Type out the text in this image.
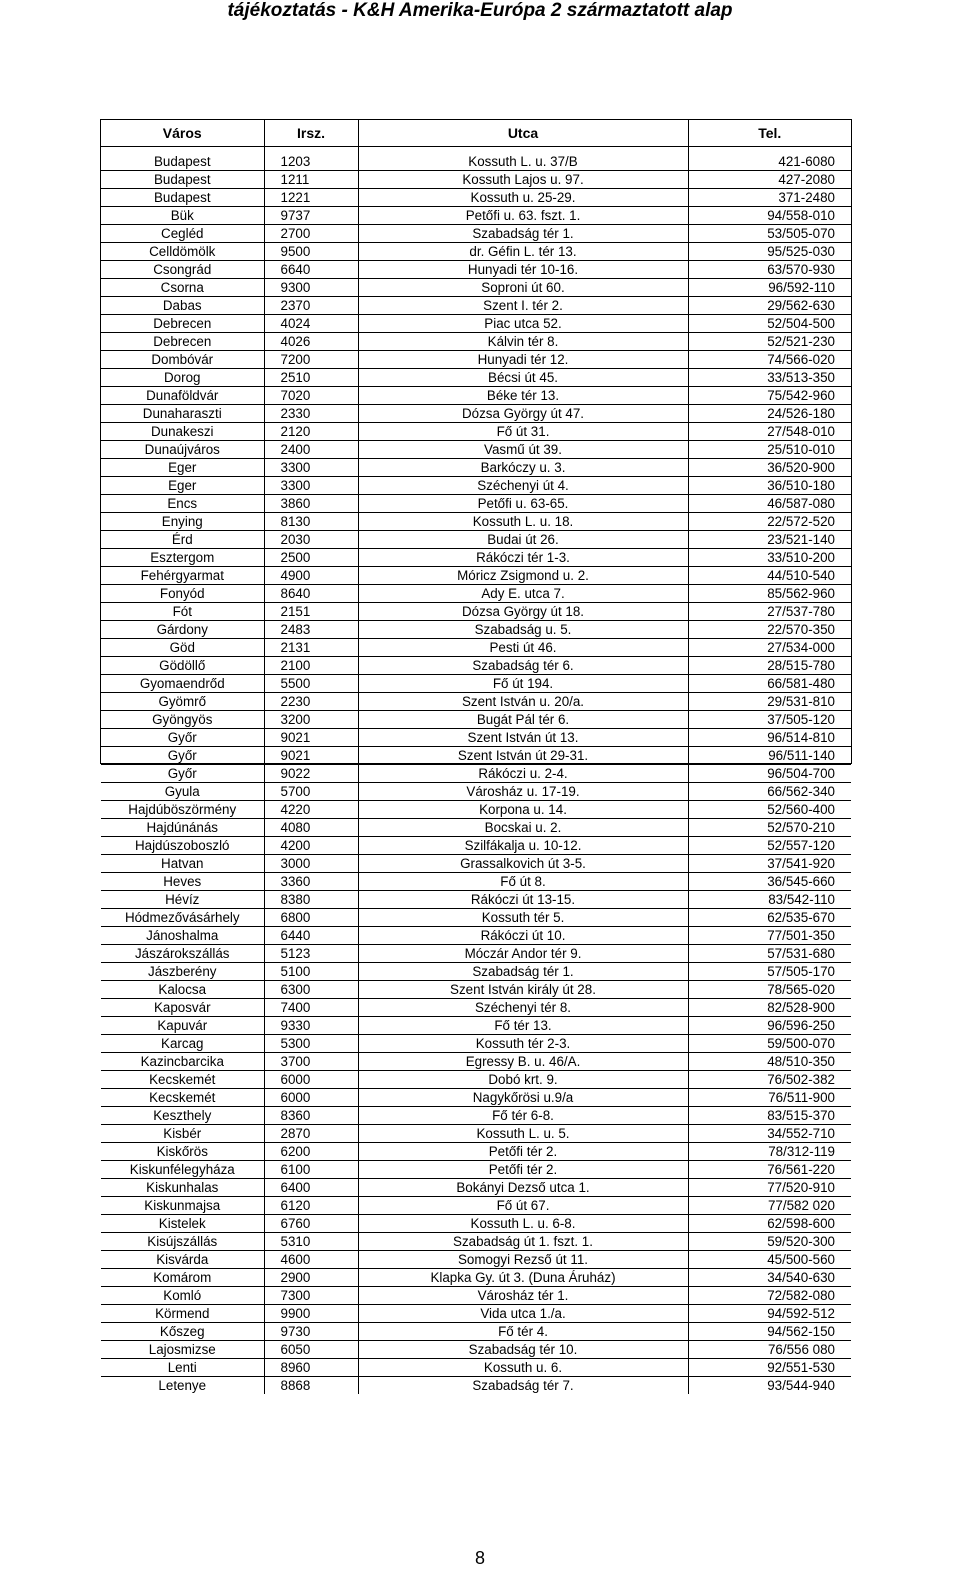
tájékoztatás - K&H Amerika-Európa 2 származtatott alap
Város	Irsz.	Utca	Tel.

Budapest	1203	Kossuth L. u. 37/B	421-6080
Budapest	1211	Kossuth Lajos u. 97.	427-2080
Budapest	1221	Kossuth u. 25-29.	371-2480
Bük	9737	Petőfi u. 63. fszt. 1.	94/558-010
Cegléd	2700	Szabadság tér 1.	53/505-070
Celldömölk	9500	dr. Géfin L. tér 13.	95/525-030
Csongrád	6640	Hunyadi tér 10-16.	63/570-930
Csorna	9300	Soproni út 60.	96/592-110
Dabas	2370	Szent I. tér 2.	29/562-630
Debrecen	4024	Piac utca 52.	52/504-500
Debrecen	4026	Kálvin tér 8.	52/521-230
Dombóvár	7200	Hunyadi tér 12.	74/566-020
Dorog	2510	Bécsi út 45.	33/513-350
Dunaföldvár	7020	Béke tér 13.	75/542-960
Dunaharaszti	2330	Dózsa György út 47.	24/526-180
Dunakeszi	2120	Fő út 31.	27/548-010
Dunaújváros	2400	Vasmű út 39.	25/510-010
Eger	3300	Barkóczy u. 3.	36/520-900
Eger	3300	Széchenyi út 4.	36/510-180
Encs	3860	Petőfi u. 63-65.	46/587-080
Enying	8130	Kossuth L. u. 18.	22/572-520
Érd	2030	Budai út 26.	23/521-140
Esztergom	2500	Rákóczi tér 1-3.	33/510-200
Fehérgyarmat	4900	Móricz Zsigmond u. 2.	44/510-540
Fonyód	8640	Ady E. utca 7.	85/562-960
Fót	2151	Dózsa György út 18.	27/537-780
Gárdony	2483	Szabadság u. 5.	22/570-350
Göd	2131	Pesti út 46.	27/534-000
Gödöllő	2100	Szabadság tér 6.	28/515-780
Gyomaendrőd	5500	Fő út 194.	66/581-480
Gyömrő	2230	Szent István u. 20/a.	29/531-810
Gyöngyös	3200	Bugát Pál tér 6.	37/505-120
Győr	9021	Szent István út 13.	96/514-810
Győr	9021	Szent István út 29-31.	96/511-140
Győr	9022	Rákóczi u. 2-4.	96/504-700
Gyula	5700	Városház u. 17-19.	66/562-340
Hajdúböszörmény	4220	Korpona u. 14.	52/560-400
Hajdúnánás	4080	Bocskai u. 2.	52/570-210
Hajdúszoboszló	4200	Szilfákalja u. 10-12.	52/557-120
Hatvan	3000	Grassalkovich út 3-5.	37/541-920
Heves	3360	Fő út 8.	36/545-660
Hévíz	8380	Rákóczi út 13-15.	83/542-110
Hódmezővásárhely	6800	Kossuth tér 5.	62/535-670
Jánoshalma	6440	Rákóczi út 10.	77/501-350
Jászárokszállás	5123	Móczár Andor tér 9.	57/531-680
Jászberény	5100	Szabadság tér 1.	57/505-170
Kalocsa	6300	Szent István király út 28.	78/565-020
Kaposvár	7400	Széchenyi tér 8.	82/528-900
Kapuvár	9330	Fő tér 13.	96/596-250
Karcag	5300	Kossuth tér 2-3.	59/500-070
Kazincbarcika	3700	Egressy B. u. 46/A.	48/510-350
Kecskemét	6000	Dobó krt. 9.	76/502-382
Kecskemét	6000	Nagykőrösi u.9/a	76/511-900
Keszthely	8360	Fő tér 6-8.	83/515-370
Kisbér	2870	Kossuth L. u. 5.	34/552-710
Kiskőrös	6200	Petőfi tér 2.	78/312-119
Kiskunfélegyháza	6100	Petőfi tér 2.	76/561-220
Kiskunhalas	6400	Bokányi Dezső utca 1.	77/520-910
Kiskunmajsa	6120	Fő út 67.	77/582 020
Kistelek	6760	Kossuth L. u. 6-8.	62/598-600
Kisújszállás	5310	Szabadság út 1. fszt. 1.	59/520-300
Kisvárda	4600	Somogyi Rezső út 11.	45/500-560
Komárom	2900	Klapka Gy. út 3. (Duna Áruház)	34/540-630
Komló	7300	Városház tér 1.	72/582-080
Körmend	9900	Vida utca 1./a.	94/592-512
Kőszeg	9730	Fő tér 4.	94/562-150
Lajosmizse	6050	Szabadság tér 10.	76/556 080
Lenti	8960	Kossuth u. 6.	92/551-530
Letenye	8868	Szabadság tér 7.	93/544-940
8
